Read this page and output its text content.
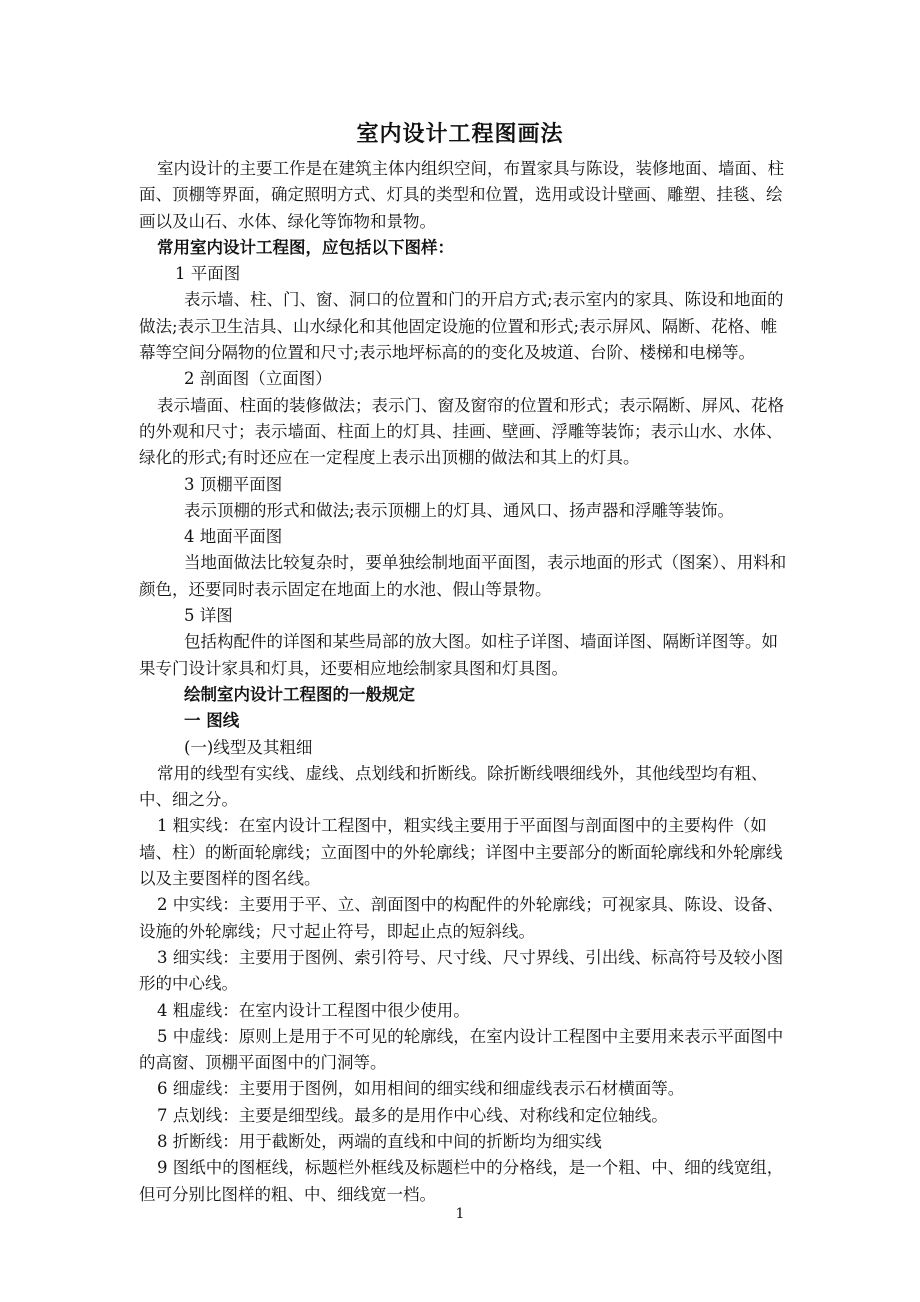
室内设计工程图画法

室内设计的主要工作是在建筑主体内组织空间，布置家具与陈设，装修地面、墙面、柱面、顶棚等界面，确定照明方式、灯具的类型和位置，选用或设计壁画、雕塑、挂毯、绘画以及山石、水体、绿化等饰物和景物。

常用室内设计工程图，应包括以下图样：

1 平面图

表示墙、柱、门、窗、洞口的位置和门的开启方式;表示室内的家具、陈设和地面的做法;表示卫生洁具、山水绿化和其他固定设施的位置和形式;表示屏风、隔断、花格、帷幕等空间分隔物的位置和尺寸;表示地坪标高的的变化及坡道、台阶、楼梯和电梯等。

2 剖面图（立面图）

表示墙面、柱面的装修做法；表示门、窗及窗帘的位置和形式；表示隔断、屏风、花格的外观和尺寸；表示墙面、柱面上的灯具、挂画、壁画、浮雕等装饰；表示山水、水体、绿化的形式;有时还应在一定程度上表示出顶棚的做法和其上的灯具。

3 顶棚平面图

表示顶棚的形式和做法;表示顶棚上的灯具、通风口、扬声器和浮雕等装饰。

4 地面平面图

当地面做法比较复杂时，要单独绘制地面平面图，表示地面的形式（图案）、用料和颜色，还要同时表示固定在地面上的水池、假山等景物。

5 详图

包括构配件的详图和某些局部的放大图。如柱子详图、墙面详图、隔断详图等。如果专门设计家具和灯具，还要相应地绘制家具图和灯具图。

绘制室内设计工程图的一般规定

一 图线

(一)线型及其粗细

常用的线型有实线、虚线、点划线和折断线。除折断线喂细线外，其他线型均有粗、中、细之分。

1 粗实线：在室内设计工程图中，粗实线主要用于平面图与剖面图中的主要构件（如墙、柱）的断面轮廓线；立面图中的外轮廓线；详图中主要部分的断面轮廓线和外轮廓线以及主要图样的图名线。

2 中实线：主要用于平、立、剖面图中的构配件的外轮廓线；可视家具、陈设、设备、设施的外轮廓线；尺寸起止符号，即起止点的短斜线。

3 细实线：主要用于图例、索引符号、尺寸线、尺寸界线、引出线、标高符号及较小图形的中心线。

4 粗虚线：在室内设计工程图中很少使用。

5 中虚线：原则上是用于不可见的轮廓线，在室内设计工程图中主要用来表示平面图中的高窗、顶棚平面图中的门洞等。

6 细虚线：主要用于图例，如用相间的细实线和细虚线表示石材横面等。

7 点划线：主要是细型线。最多的是用作中心线、对称线和定位轴线。

8 折断线：用于截断处，两端的直线和中间的折断均为细实线

9 图纸中的图框线，标题栏外框线及标题栏中的分格线，是一个粗、中、细的线宽组，但可分别比图样的粗、中、细线宽一档。

1
